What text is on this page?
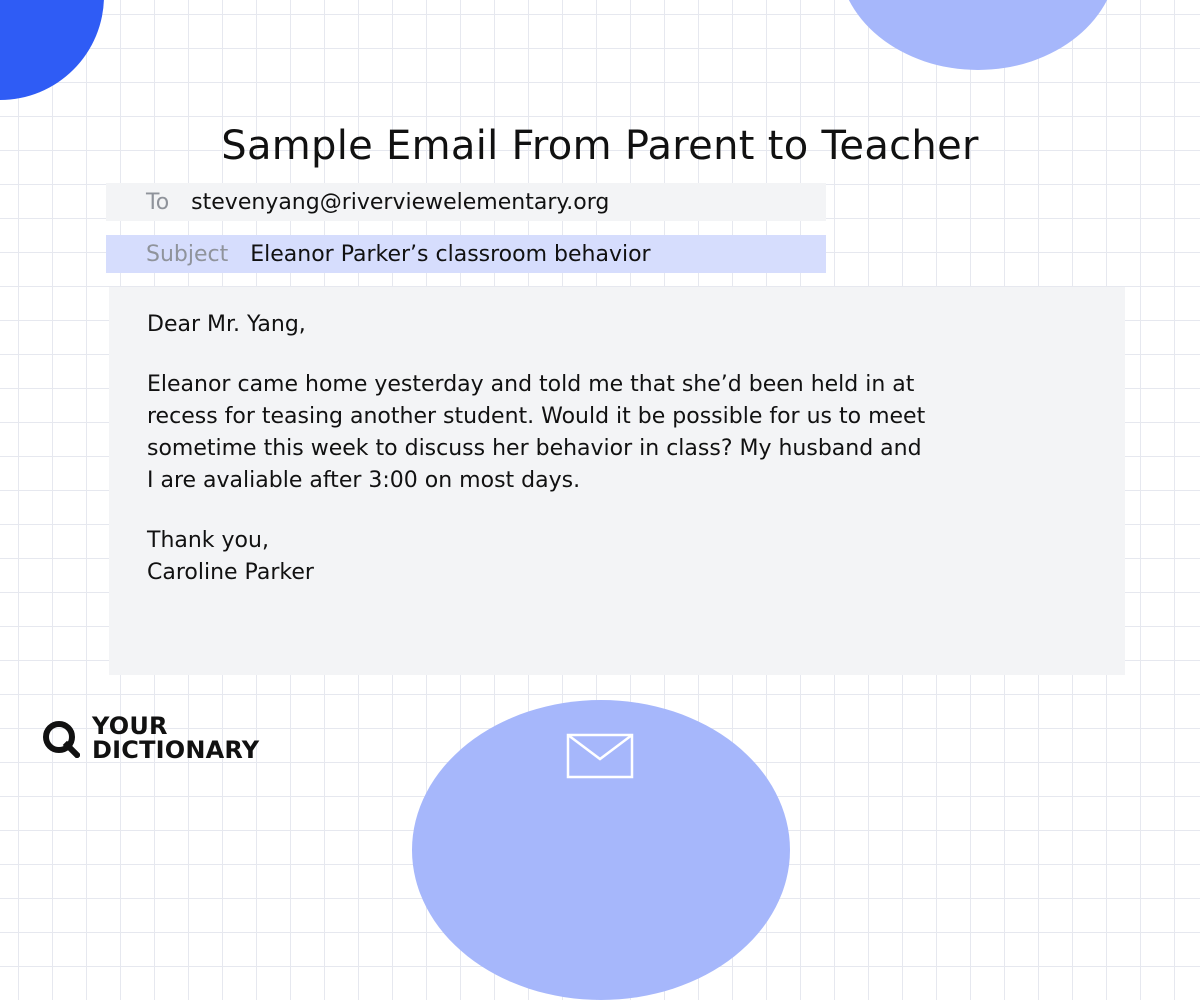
Sample Email From Parent to Teacher
To stevenyang@riverviewelementary.org
Subject Eleanor Parker’s classroom behavior

Dear Mr. Yang,

Eleanor came home yesterday and told me that she’d been held in at
recess for teasing another student. Would it be possible for us to meet
sometime this week to discuss her behavior in class? My husband and
I are avaliable after 3:00 on most days.

Thank you,
Caroline Parker

YOUR
DICTIONARY
